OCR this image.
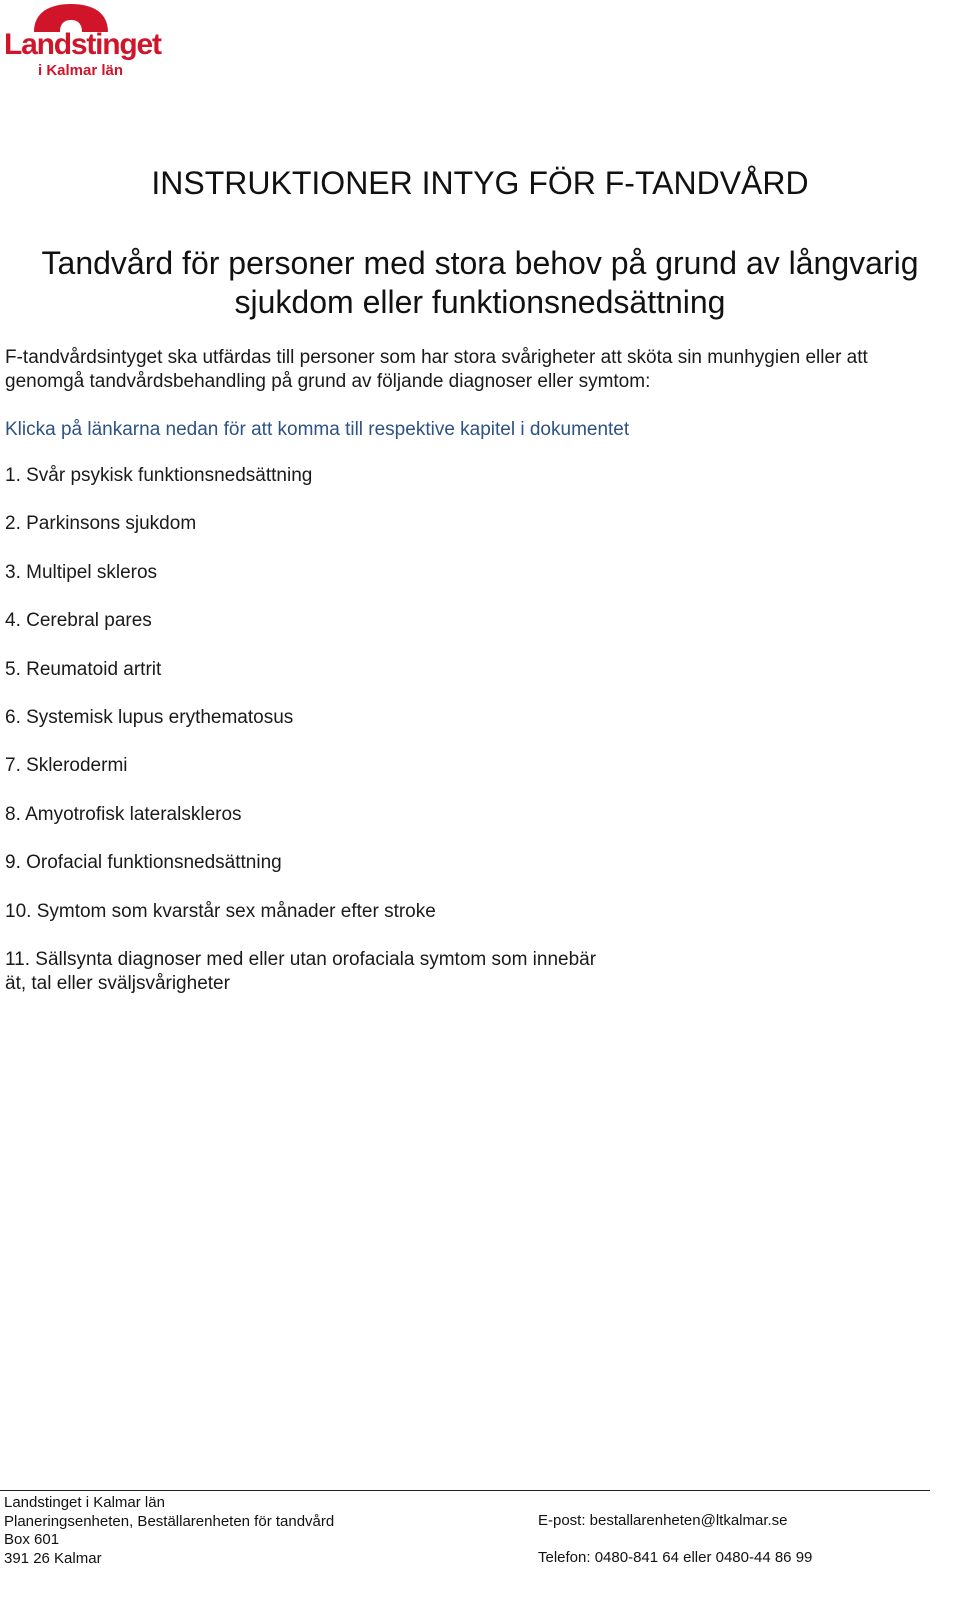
Landstinget
i Kalmar län
INSTRUKTIONER INTYG FÖR F-TANDVÅRD
Tandvård för personer med stora behov på grund av långvarig
sjukdom eller funktionsnedsättning

F-tandvårdsintyget ska utfärdas till personer som har stora svårigheter att sköta sin munhygien eller att genomgå tandvårdsbehandling på grund av följande diagnoser eller symtom:

Klicka på länkarna nedan för att komma till respektive kapitel i dokumentet
1. Svår psykisk funktionsnedsättning
2. Parkinsons sjukdom
3. Multipel skleros
4. Cerebral pares
5. Reumatoid artrit
6. Systemisk lupus erythematosus
7. Sklerodermi
8. Amyotrofisk lateralskleros
9. Orofacial funktionsnedsättning
10. Symtom som kvarstår sex månader efter stroke
11. Sällsynta diagnoser med eller utan orofaciala symtom som innebär ät, tal eller sväljsvårigheter
Landstinget i Kalmar län
Planeringsenheten, Beställarenheten för tandvård
Box 601
391 26 Kalmar
E-post: bestallarenheten@ltkalmar.se
Telefon: 0480-841 64 eller 0480-44 86 99
